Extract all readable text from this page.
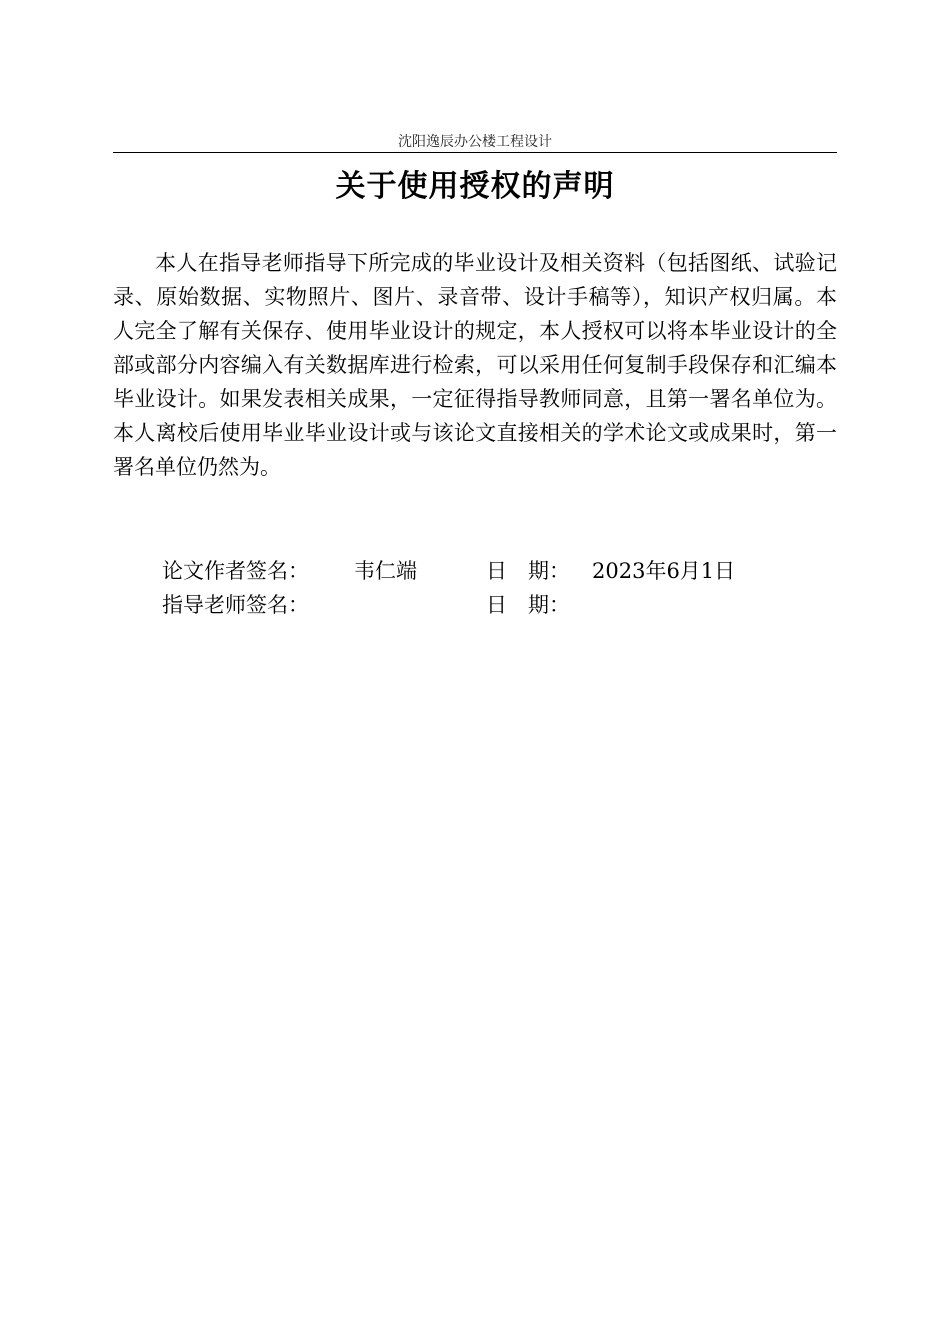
沈阳逸辰办公楼工程设计
关于使用授权的声明

本人在指导老师指导下所完成的毕业设计及相关资料（包括图纸、试验记录、原始数据、实物照片、图片、录音带、设计手稿等），知识产权归属。本人完全了解有关保存、使用毕业设计的规定，本人授权可以将本毕业设计的全部或部分内容编入有关数据库进行检索，可以采用任何复制手段保存和汇编本毕业设计。如果发表相关成果，一定征得指导教师同意，且第一署名单位为。本人离校后使用毕业毕业设计或与该论文直接相关的学术论文或成果时，第一署名单位仍然为。

论文作者签名： 韦仁端	日　期： 2023年6月1日
指导老师签名：	日　期：
